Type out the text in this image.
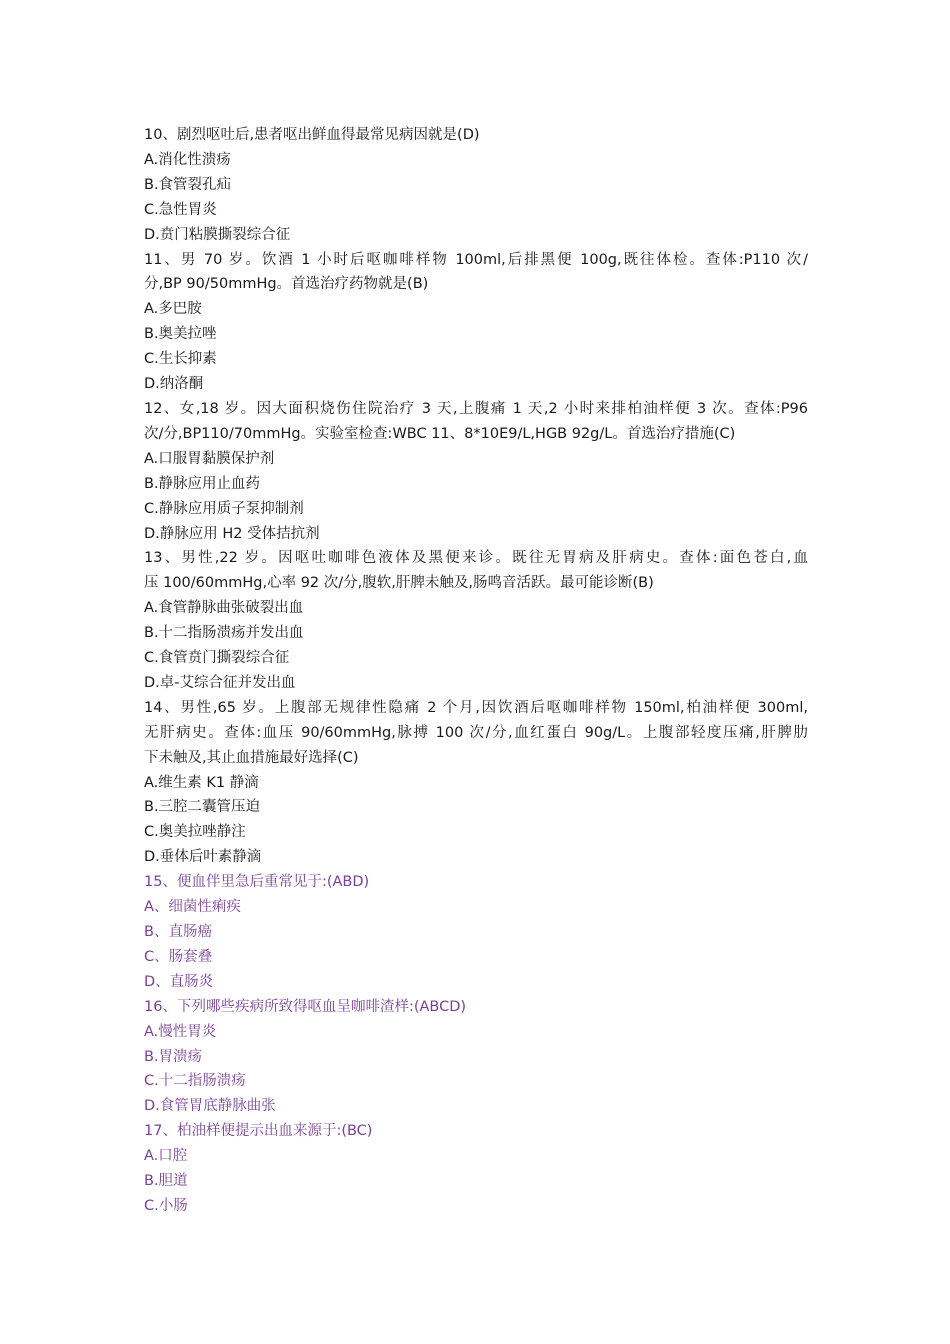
10、剧烈呕吐后,患者呕出鲜血得最常见病因就是(D)
A.消化性溃疡
B.食管裂孔疝
C.急性胃炎
D.贲门粘膜撕裂综合征
11、男 70 岁。饮酒 1 小时后呕咖啡样物 100ml,后排黑便 100g,既往体检。查体:P110 次/
分,BP 90/50mmHg。首选治疗药物就是(B)
A.多巴胺
B.奥美拉唑
C.生长抑素
D.纳洛酮
12、女,18 岁。因大面积烧伤住院治疗 3 天,上腹痛 1 天,2 小时来排柏油样便 3 次。查体:P96
次/分,BP110/70mmHg。实验室检查:WBC 11、8*10E9/L,HGB 92g/L。首选治疗措施(C)
A.口服胃黏膜保护剂
B.静脉应用止血药
C.静脉应用质子泵抑制剂
D.静脉应用 H2 受体拮抗剂
13、男性,22 岁。因呕吐咖啡色液体及黑便来诊。既往无胃病及肝病史。查体:面色苍白,血
压 100/60mmHg,心率 92 次/分,腹软,肝脾未触及,肠鸣音活跃。最可能诊断(B)
A.食管静脉曲张破裂出血
B.十二指肠溃疡并发出血
C.食管贲门撕裂综合征
D.卓-艾综合征并发出血
14、男性,65 岁。上腹部无规律性隐痛 2 个月,因饮酒后呕咖啡样物 150ml,柏油样便 300ml,
无肝病史。查体:血压 90/60mmHg,脉搏 100 次/分,血红蛋白 90g/L。上腹部轻度压痛,肝脾肋
下未触及,其止血措施最好选择(C)
A.维生素 K1 静滴
B.三腔二囊管压迫
C.奥美拉唑静注
D.垂体后叶素静滴
15、便血伴里急后重常见于:(ABD)
A、细菌性痢疾
B、直肠癌
C、肠套叠
D、直肠炎
16、下列哪些疾病所致得呕血呈咖啡渣样:(ABCD)
A.慢性胃炎
B.胃溃疡
C.十二指肠溃疡
D.食管胃底静脉曲张
17、柏油样便提示出血来源于:(BC)
A.口腔
B.胆道
C.小肠
